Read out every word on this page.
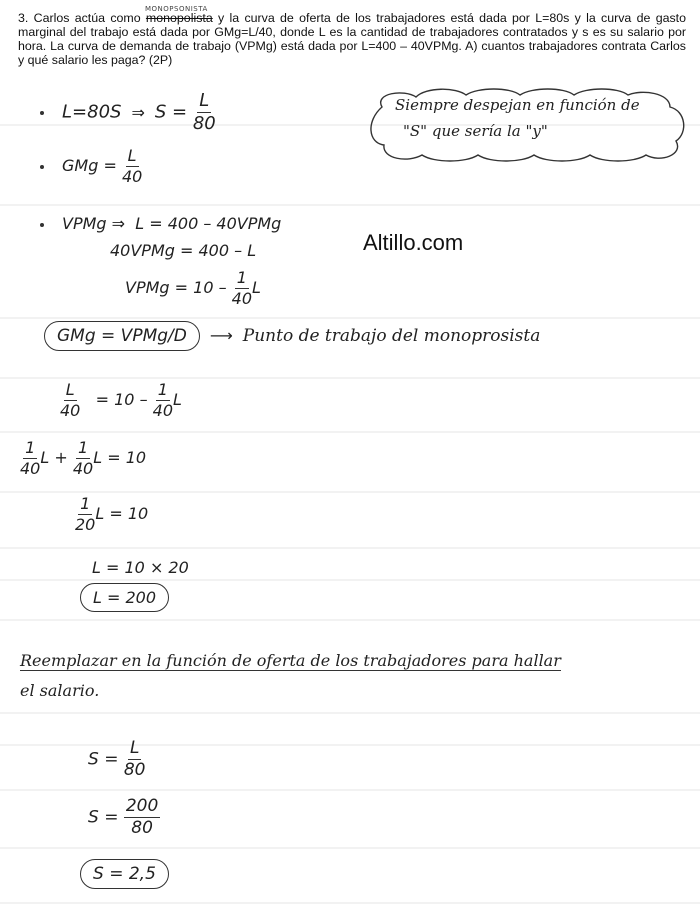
MONOPSONISTA
3. Carlos actúa como monopolista y la curva de oferta de los trabajadores está dada por L=80s y la curva de gasto marginal del trabajo está dada por GMg=L/40, donde L es la cantidad de trabajadores contratados y s es su salario por hora. La curva de demanda de trabajo (VPMg) está dada por L=400 – 40VPMg. A) cuantos trabajadores contrata Carlos y qué salario les paga? (2P)
Altillo.com
Siempre despejan en función de
"S" que sería la "y"
L=80S ⇒ $S = \frac{L}{80}$
GMg = $\frac{L}{40}$
VPMg ⇒ L = 400 – 40VPMg
40VPMg = 400 – L
VPMg = $10 - \frac{1}{40}$ L
GMg = VPMg/D ⟶ Punto de trabajo del monoprosista
$\frac{L}{40} = 10 - \frac{1}{40}$ L
$\frac{1}{40}$ $L + \frac{1}{40}$ L = 10
$\frac{1}{20}$ L = 10
L = 10 × 20
L = 200
Reemplazar en la función de oferta de los trabajadores para hallar
el salario.
$S = \frac{L}{80}$
$S = \frac{200}{80}$
S = 2,5
